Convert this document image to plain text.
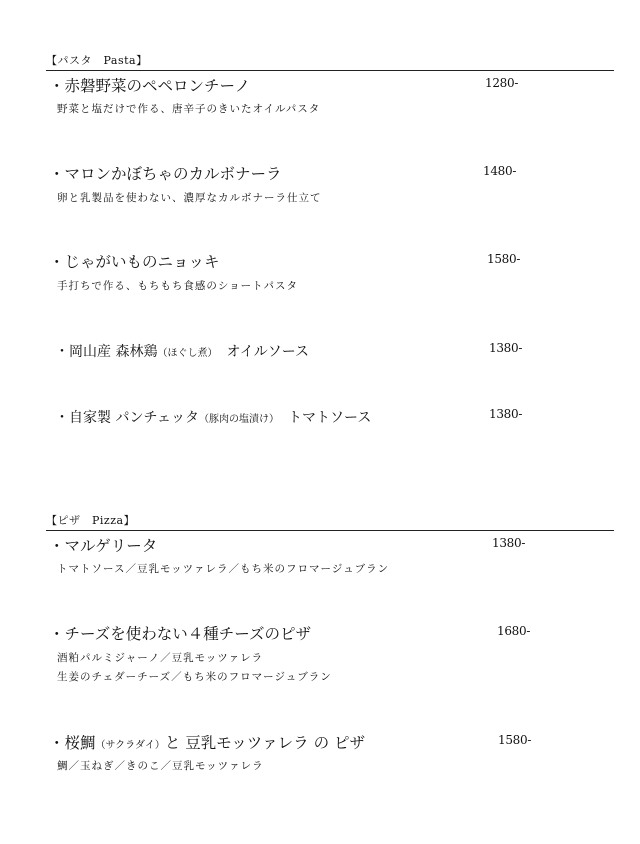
【パスタ　Pasta】
・赤磐野菜のペペロンチーノ
野菜と塩だけで作る、唐辛子のきいたオイルパスタ
1280-
・マロンかぼちゃのカルボナーラ
卵と乳製品を使わない、濃厚なカルボナーラ仕立て
1480-
・じゃがいものニョッキ
手打ちで作る、もちもち食感のショートパスタ
1580-
・岡山産 森林鶏（ほぐし煮）　オイルソース	1380-
・自家製 パンチェッタ（豚肉の塩漬け）　トマトソース	1380-
【ピザ　Pizza】
・マルゲリータ
トマトソース／豆乳モッツァレラ／もち米のフロマージュブラン
1380-
・チーズを使わない４種チーズのピザ
酒粕パルミジャーノ／豆乳モッツァレラ
生姜のチェダーチーズ／もち米のフロマージュブラン
1680-
・桜鯛（サクラダイ）と 豆乳モッツァレラ の ピザ
鯛／玉ねぎ／きのこ／豆乳モッツァレラ
1580-
